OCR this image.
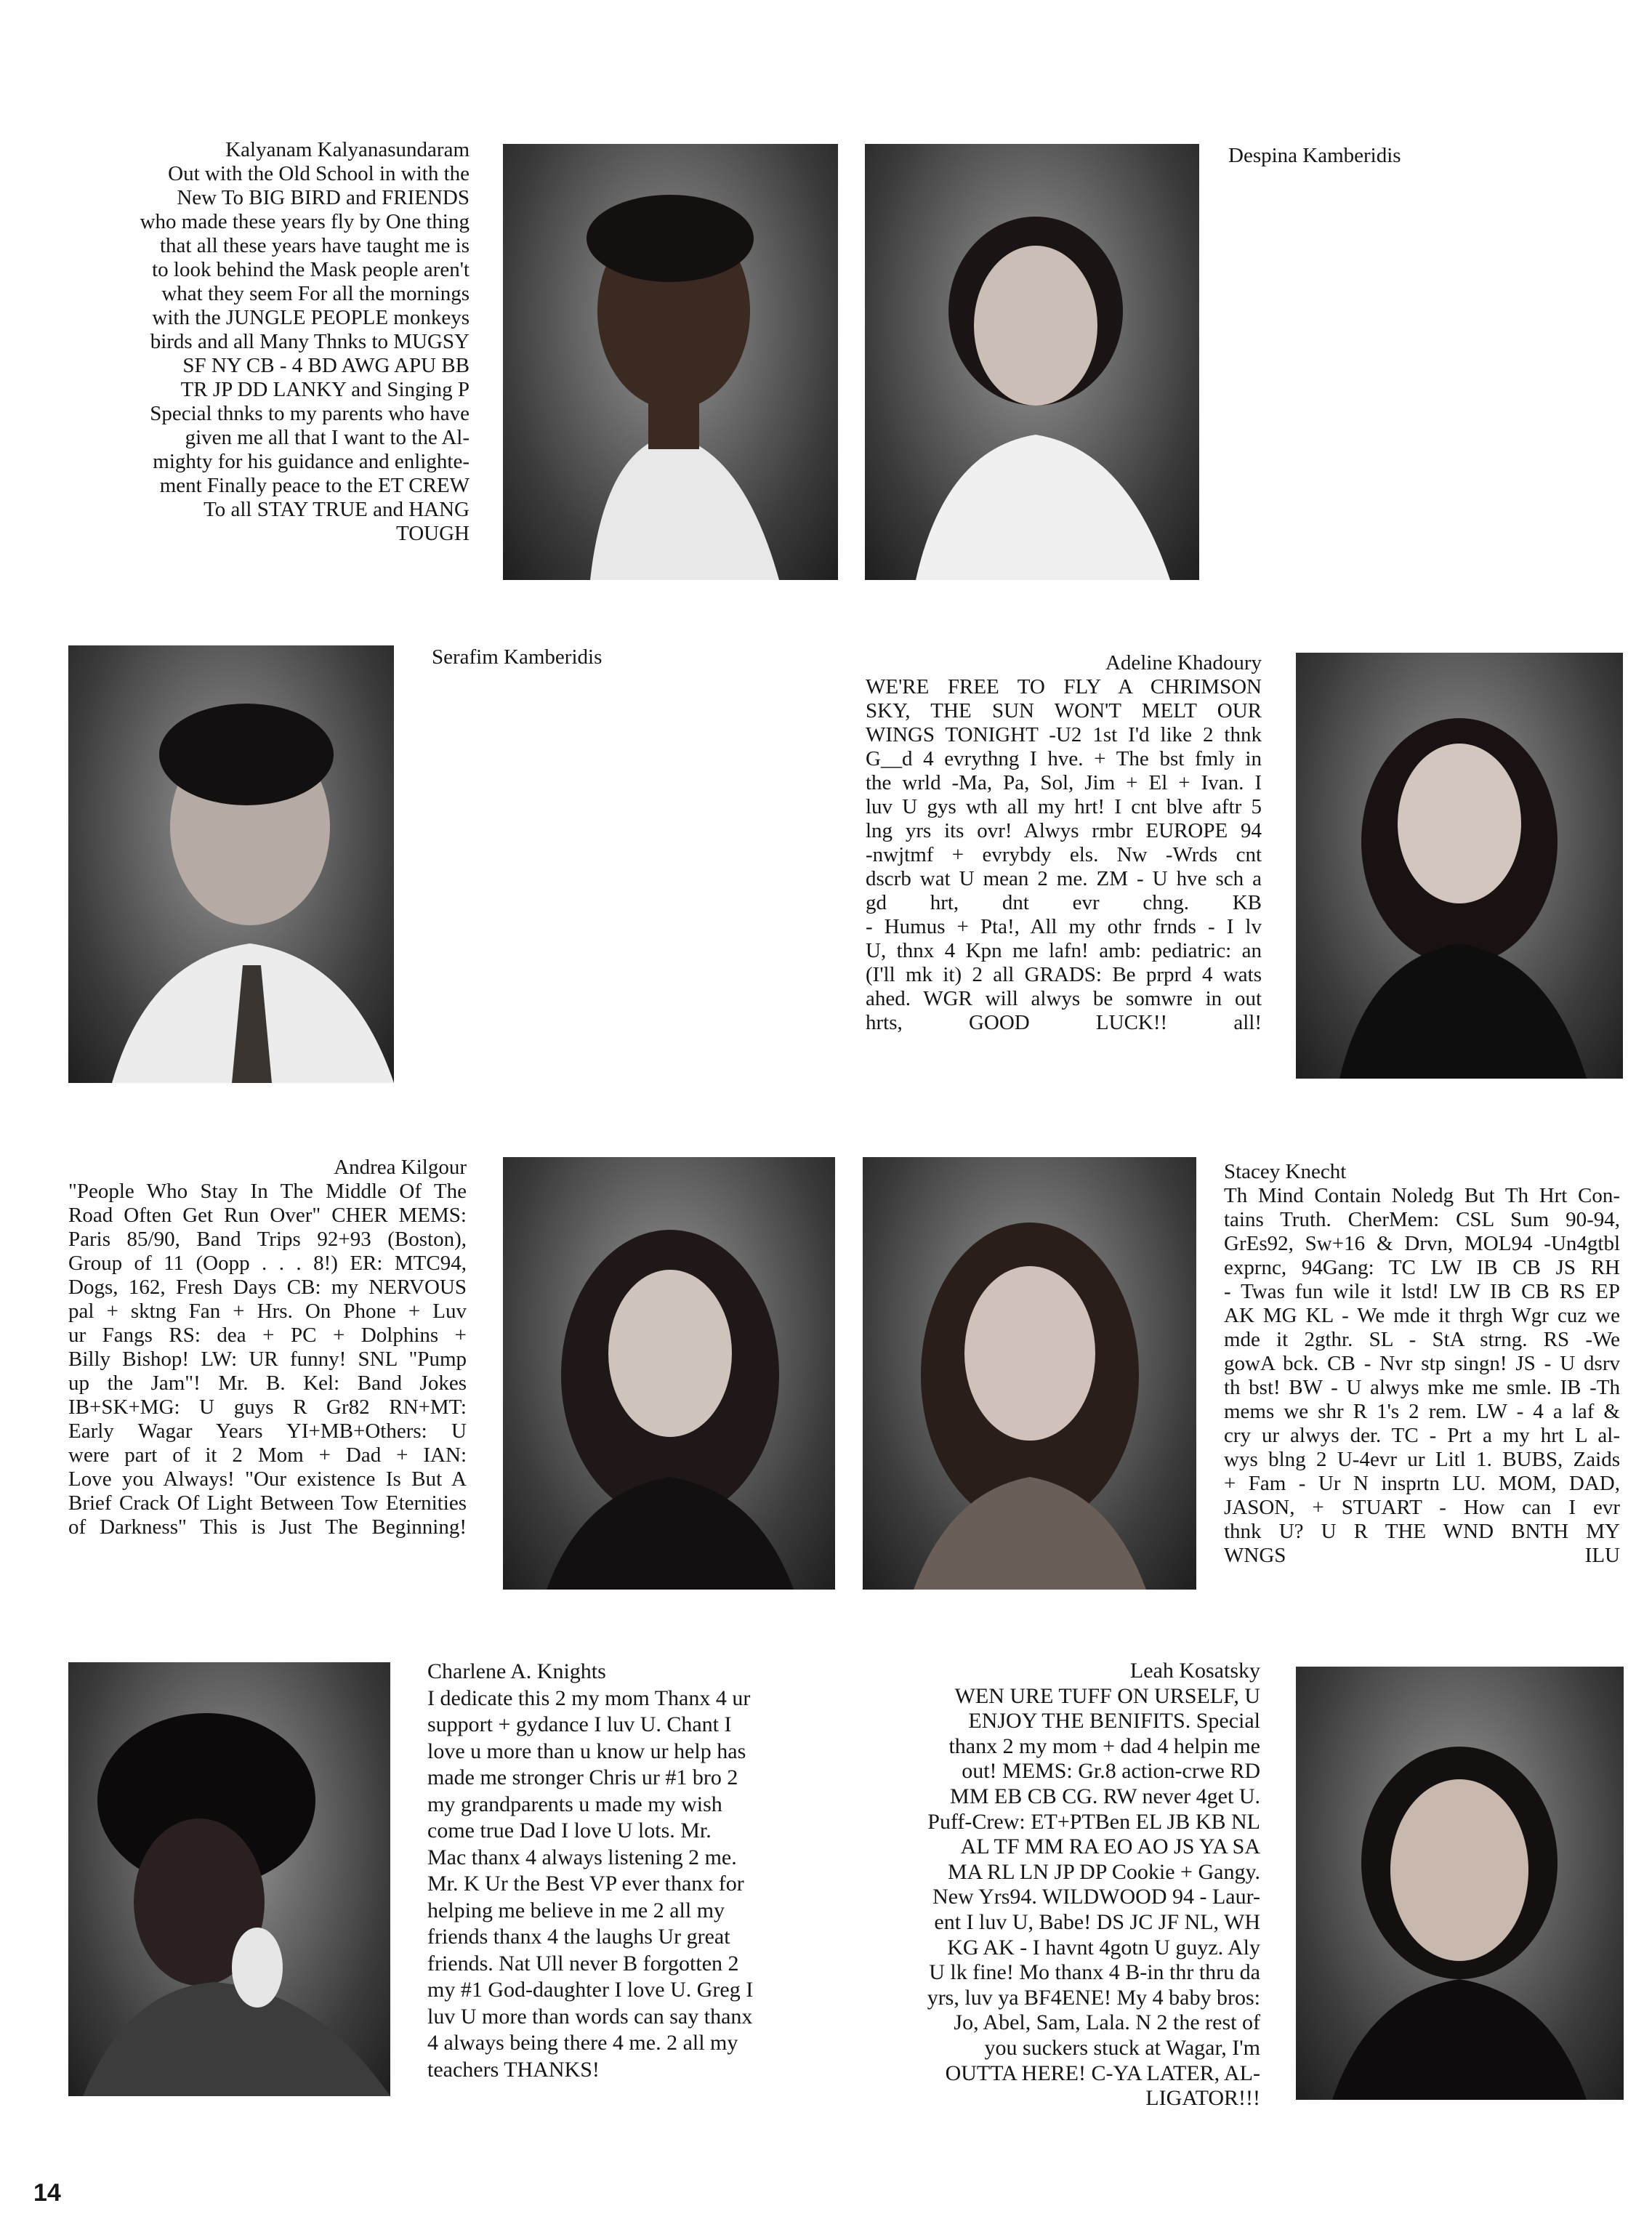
Kalyanam Kalyanasundaram
Out with the Old School in with the
New To BIG BIRD and FRIENDS
who made these years fly by One thing
that all these years have taught me is
to look behind the Mask people aren't
what they seem For all the mornings
with the JUNGLE PEOPLE monkeys
birds and all Many Thnks to MUGSY
SF NY CB - 4 BD AWG APU BB
TR JP DD LANKY and Singing P
Special thnks to my parents who have
given me all that I want to the Al-
mighty for his guidance and enlighte-
ment Finally peace to the ET CREW
To all STAY TRUE and HANG
TOUGH
Despina Kamberidis
Serafim Kamberidis	Adeline Khadoury
WE'RE FREE TO FLY A CHRIMSON
SKY, THE SUN WON'T MELT OUR
WINGS TONIGHT -U2 1st I'd like 2 thnk
G__d 4 evrythng I hve. + The bst fmly in
the wrld -Ma, Pa, Sol, Jim + El + Ivan. I
luv U gys wth all my hrt! I cnt blve aftr 5
lng yrs its ovr! Alwys rmbr EUROPE 94
-nwjtmf + evrybdy els. Nw -Wrds cnt
dscrb wat U mean 2 me. ZM - U hve sch a
gd hrt, dnt evr chng. KB
- Humus + Pta!, All my othr frnds - I lv
U, thnx 4 Kpn me lafn! amb: pediatric: an
(I'll mk it) 2 all GRADS: Be prprd 4 wats
ahed. WGR will alwys be somwre in out
hrts, GOOD LUCK!! all!
Andrea Kilgour
"People Who Stay In The Middle Of The
Road Often Get Run Over" CHER MEMS:
Paris 85/90, Band Trips 92+93 (Boston),
Group of 11 (Oopp . . . 8!) ER: MTC94,
Dogs, 162, Fresh Days CB: my NERVOUS
pal + sktng Fan + Hrs. On Phone + Luv
ur Fangs RS: dea + PC + Dolphins +
Billy Bishop! LW: UR funny! SNL "Pump
up the Jam"! Mr. B. Kel: Band Jokes
IB+SK+MG: U guys R Gr82 RN+MT:
Early Wagar Years YI+MB+Others: U
were part of it 2 Mom + Dad + IAN:
Love you Always! "Our existence Is But A
Brief Crack Of Light Between Tow Eternities
of Darkness" This is Just The Beginning!
Stacey Knecht
Th Mind Contain Noledg But Th Hrt Con-
tains Truth. CherMem: CSL Sum 90-94,
GrEs92, Sw+16 & Drvn, MOL94 -Un4gtbl
exprnc, 94Gang: TC LW IB CB JS RH
- Twas fun wile it lstd! LW IB CB RS EP
AK MG KL - We mde it thrgh Wgr cuz we
mde it 2gthr. SL - StA strng. RS -We
gowA bck. CB - Nvr stp singn! JS - U dsrv
th bst! BW - U alwys mke me smle. IB -Th
mems we shr R 1's 2 rem. LW - 4 a laf &
cry ur alwys der. TC - Prt a my hrt L al-
wys blng 2 U-4evr ur Litl 1. BUBS, Zaids
+ Fam - Ur N insprtn LU. MOM, DAD,
JASON, + STUART - How can I evr
thnk U? U R THE WND BNTH MY
WNGS ILU
Charlene A. Knights
I dedicate this 2 my mom Thanx 4 ur
support + gydance I luv U. Chant I
love u more than u know ur help has
made me stronger Chris ur #1 bro 2
my grandparents u made my wish
come true Dad I love U lots. Mr.
Mac thanx 4 always listening 2 me.
Mr. K Ur the Best VP ever thanx for
helping me believe in me 2 all my
friends thanx 4 the laughs Ur great
friends. Nat Ull never B forgotten 2
my #1 God-daughter I love U. Greg I
luv U more than words can say thanx
4 always being there 4 me. 2 all my
teachers THANKS!
Leah Kosatsky
WEN URE TUFF ON URSELF, U
ENJOY THE BENIFITS. Special
thanx 2 my mom + dad 4 helpin me
out! MEMS: Gr.8 action-crwe RD
MM EB CB CG. RW never 4get U.
Puff-Crew: ET+PTBen EL JB KB NL
AL TF MM RA EO AO JS YA SA
MA RL LN JP DP Cookie + Gangy.
New Yrs94. WILDWOOD 94 - Laur-
ent I luv U, Babe! DS JC JF NL, WH
KG AK - I havnt 4gotn U guyz. Aly
U lk fine! Mo thanx 4 B-in thr thru da
yrs, luv ya BF4ENE! My 4 baby bros:
Jo, Abel, Sam, Lala. N 2 the rest of
you suckers stuck at Wagar, I'm
OUTTA HERE! C-YA LATER, AL-
LIGATOR!!!
14
